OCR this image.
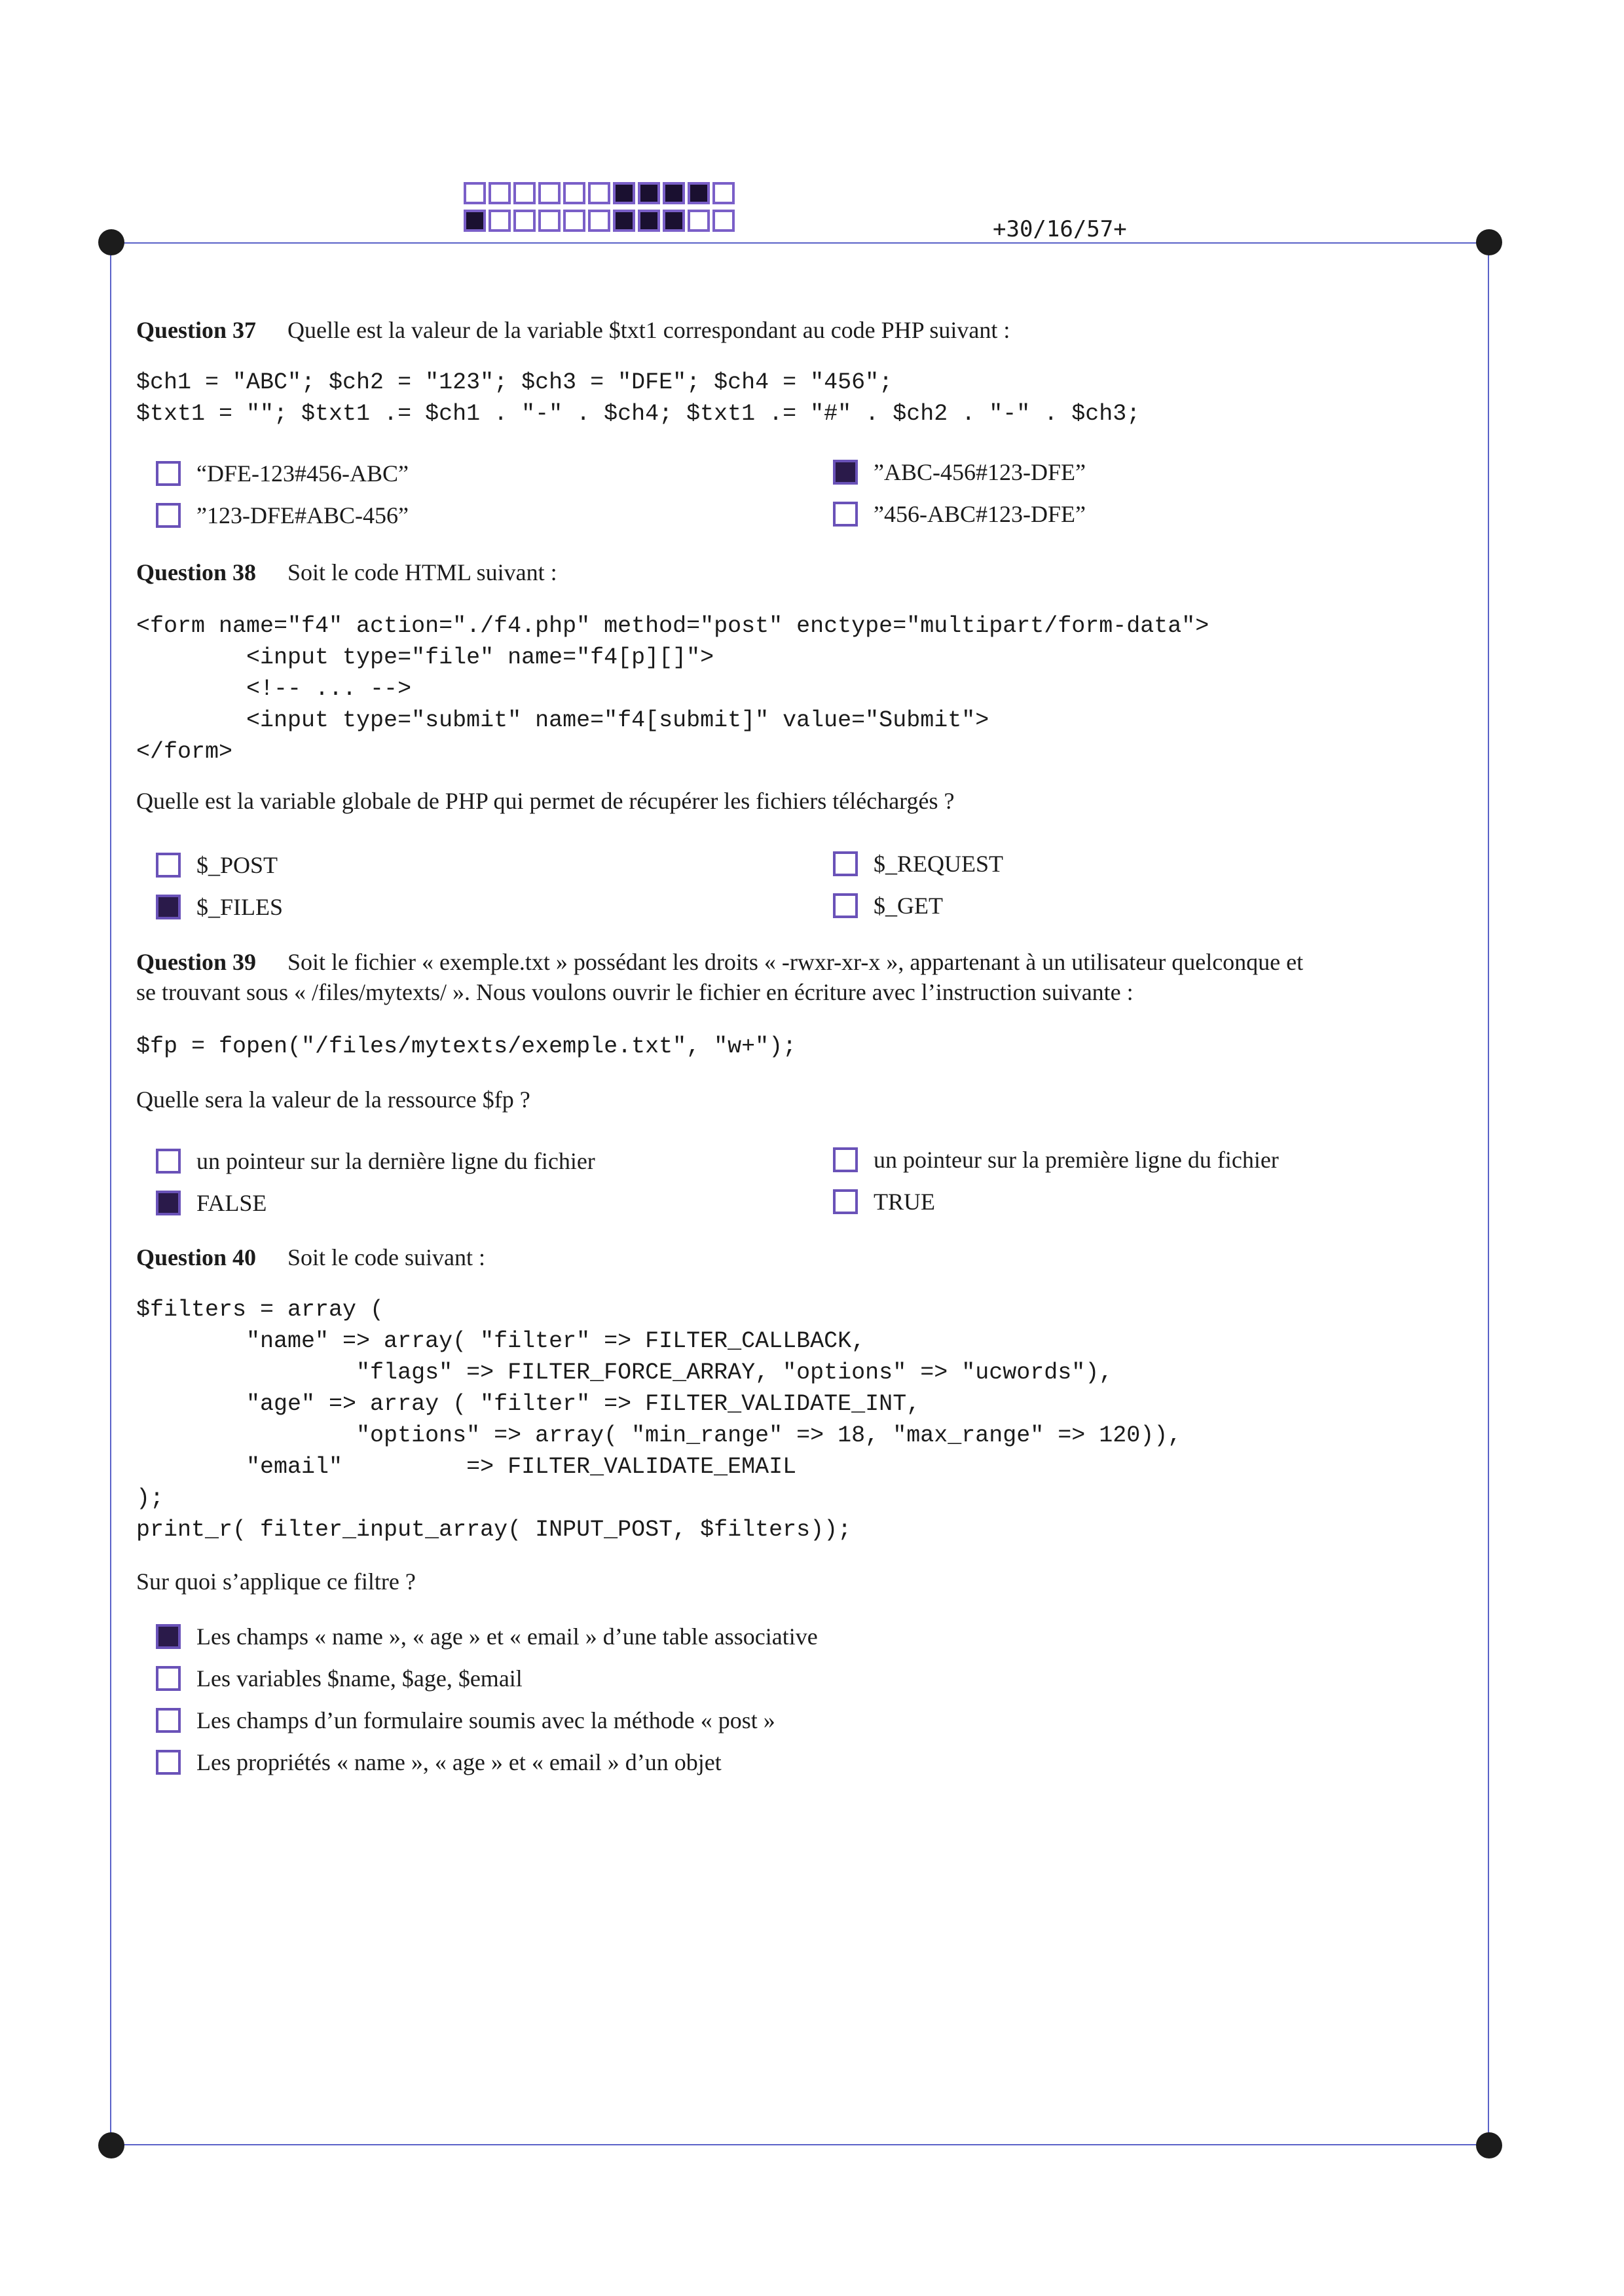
+30/16/57+
Question 37 Quelle est la valeur de la variable $txt1 correspondant au code PHP suivant :
$ch1 = "ABC"; $ch2 = "123"; $ch3 = "DFE"; $ch4 = "456";
$txt1 = ""; $txt1 .= $ch1 . "-" . $ch4; $txt1 .= "#" . $ch2 . "-" . $ch3;
“DFE-123#456-ABC”	”ABC-456#123-DFE”
”123-DFE#ABC-456”	”456-ABC#123-DFE”
Question 38 Soit le code HTML suivant :
<form name="f4" action="./f4.php" method="post" enctype="multipart/form-data">
<input type="file" name="f4[p][]">
<!-- ... -->
<input type="submit" name="f4[submit]" value="Submit">
</form>
Quelle est la variable globale de PHP qui permet de récupérer les fichiers téléchargés ?
$_POST	$_REQUEST
$_FILES	$_GET
Question 39 Soit le fichier « exemple.txt » possédant les droits « -rwxr-xr-x », appartenant à un utilisateur quelconque et
se trouvant sous « /files/mytexts/ ». Nous voulons ouvrir le fichier en écriture avec l’instruction suivante :
$fp = fopen("/files/mytexts/exemple.txt", "w+");
Quelle sera la valeur de la ressource $fp ?
un pointeur sur la dernière ligne du fichier	un pointeur sur la première ligne du fichier
FALSE	TRUE
Question 40 Soit le code suivant :
$filters = array (
"name" => array( "filter" => FILTER_CALLBACK,
"flags" => FILTER_FORCE_ARRAY, "options" => "ucwords"),
"age" => array ( "filter" => FILTER_VALIDATE_INT,
"options" => array( "min_range" => 18, "max_range" => 120)),
"email"         => FILTER_VALIDATE_EMAIL
);
print_r( filter_input_array( INPUT_POST, $filters));
Sur quoi s’applique ce filtre ?
Les champs « name », « age » et « email » d’une table associative
Les variables $name, $age, $email
Les champs d’un formulaire soumis avec la méthode « post »
Les propriétés « name », « age » et « email » d’un objet
